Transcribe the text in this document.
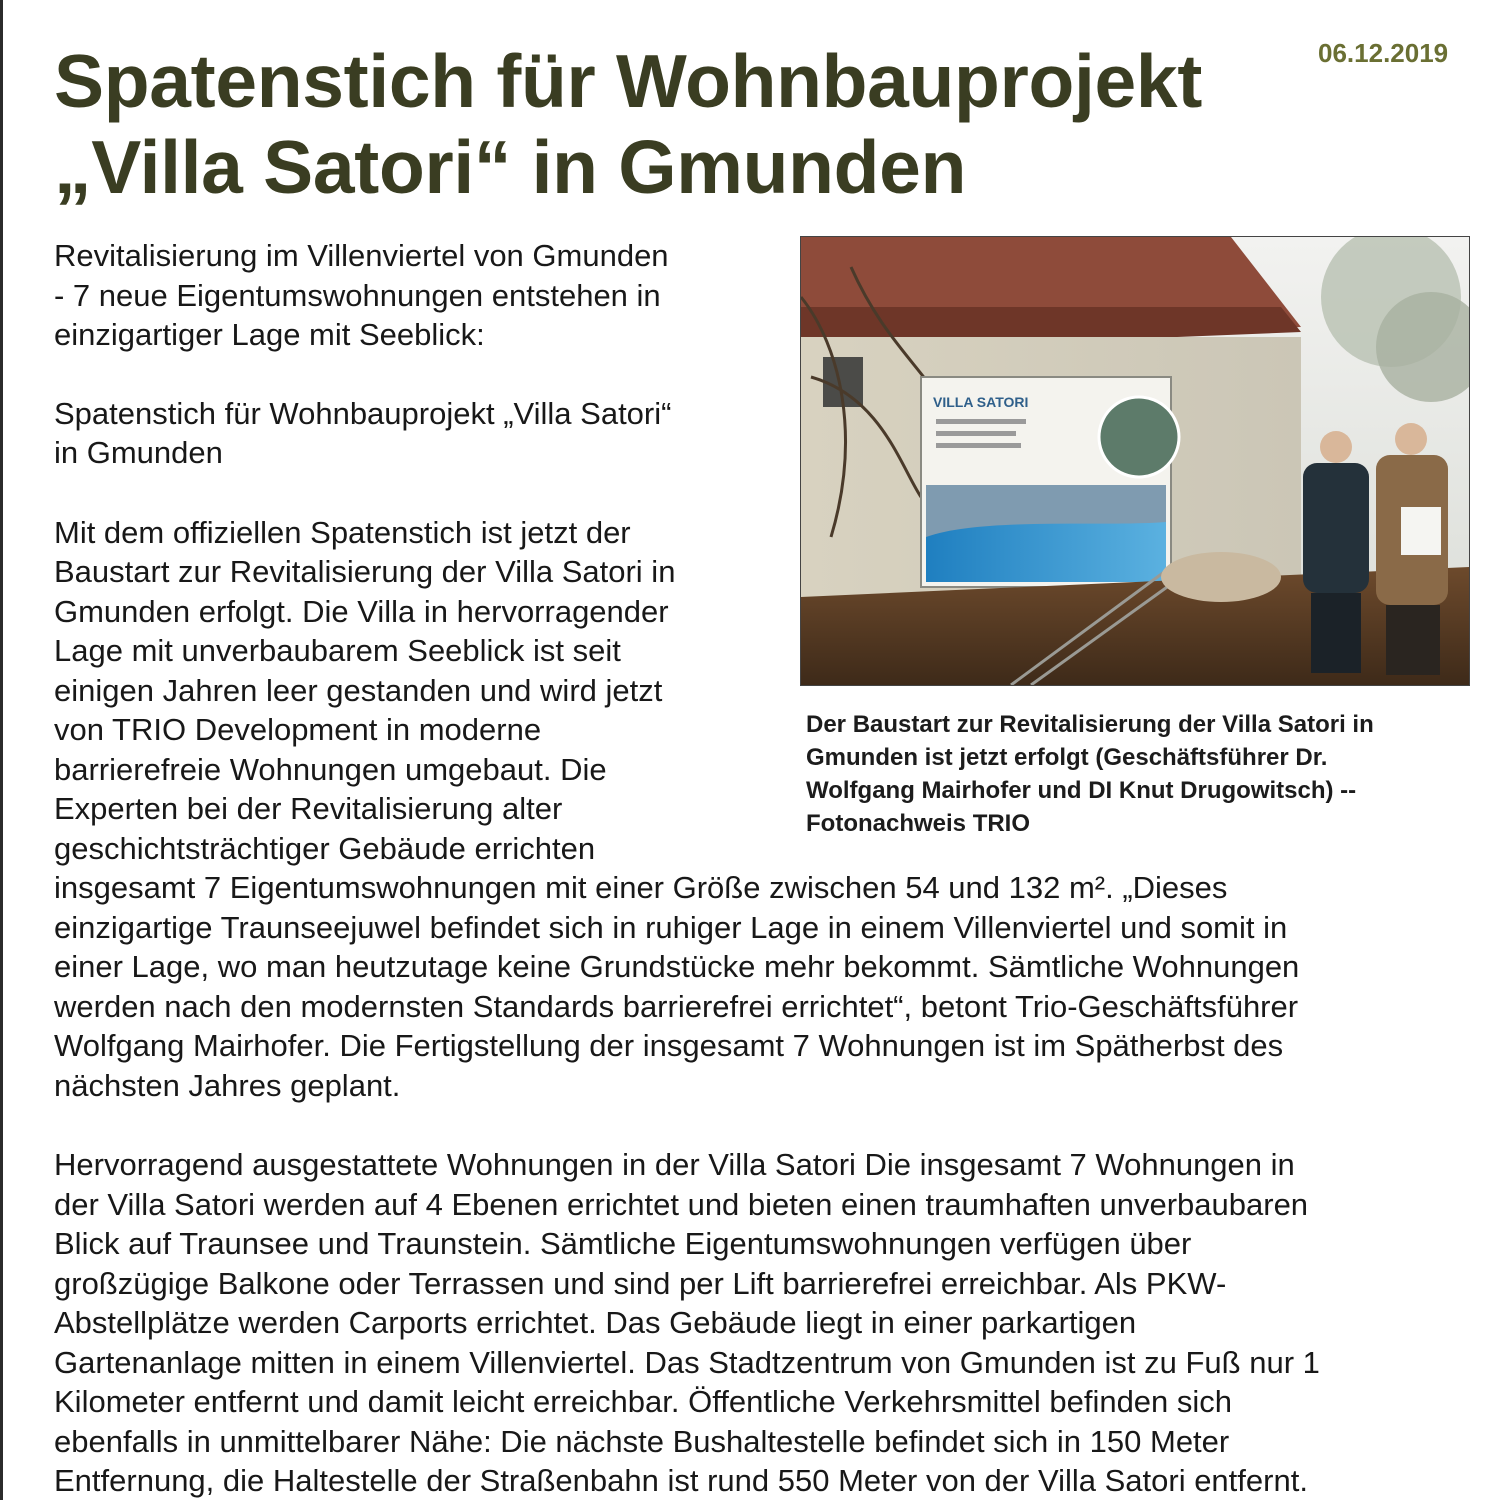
Spatenstich für Wohnbauprojekt
„Villa Satori“ in Gmunden
06.12.2019
Revitalisierung im Villenviertel von Gmunden
- 7 neue Eigentumswohnungen entstehen in
einzigartiger Lage mit Seeblick:
Spatenstich für Wohnbauprojekt „Villa Satori“
in Gmunden
Mit dem offiziellen Spatenstich ist jetzt der
Baustart zur Revitalisierung der Villa Satori in
Gmunden erfolgt. Die Villa in hervorragender
Lage mit unverbaubarem Seeblick ist seit
einigen Jahren leer gestanden und wird jetzt
von TRIO Development in moderne
barrierefreie Wohnungen umgebaut. Die
Experten bei der Revitalisierung alter
geschichtsträchtiger Gebäude errichten
insgesamt 7 Eigentumswohnungen mit einer Größe zwischen 54 und 132 m². „Dieses
einzigartige Traunseejuwel befindet sich in ruhiger Lage in einem Villenviertel und somit in
einer Lage, wo man heutzutage keine Grundstücke mehr bekommt. Sämtliche Wohnungen
werden nach den modernsten Standards barrierefrei errichtet“, betont Trio-Geschäftsführer
Wolfgang Mairhofer. Die Fertigstellung der insgesamt 7 Wohnungen ist im Spätherbst des
nächsten Jahres geplant.
Hervorragend ausgestattete Wohnungen in der Villa Satori Die insgesamt 7 Wohnungen in
der Villa Satori werden auf 4 Ebenen errichtet und bieten einen traumhaften unverbaubaren
Blick auf Traunsee und Traunstein. Sämtliche Eigentumswohnungen verfügen über
großzügige Balkone oder Terrassen und sind per Lift barrierefrei erreichbar. Als PKW-
Abstellplätze werden Carports errichtet. Das Gebäude liegt in einer parkartigen
Gartenanlage mitten in einem Villenviertel. Das Stadtzentrum von Gmunden ist zu Fuß nur 1
Kilometer entfernt und damit leicht erreichbar. Öffentliche Verkehrsmittel befinden sich
ebenfalls in unmittelbarer Nähe: Die nächste Bushaltestelle befindet sich in 150 Meter
Entfernung, die Haltestelle der Straßenbahn ist rund 550 Meter von der Villa Satori entfernt.
VILLA SATORI
Der Baustart zur Revitalisierung der Villa Satori in
Gmunden ist jetzt erfolgt (Geschäftsführer Dr.
Wolfgang Mairhofer und DI Knut Drugowitsch) --
Fotonachweis TRIO
